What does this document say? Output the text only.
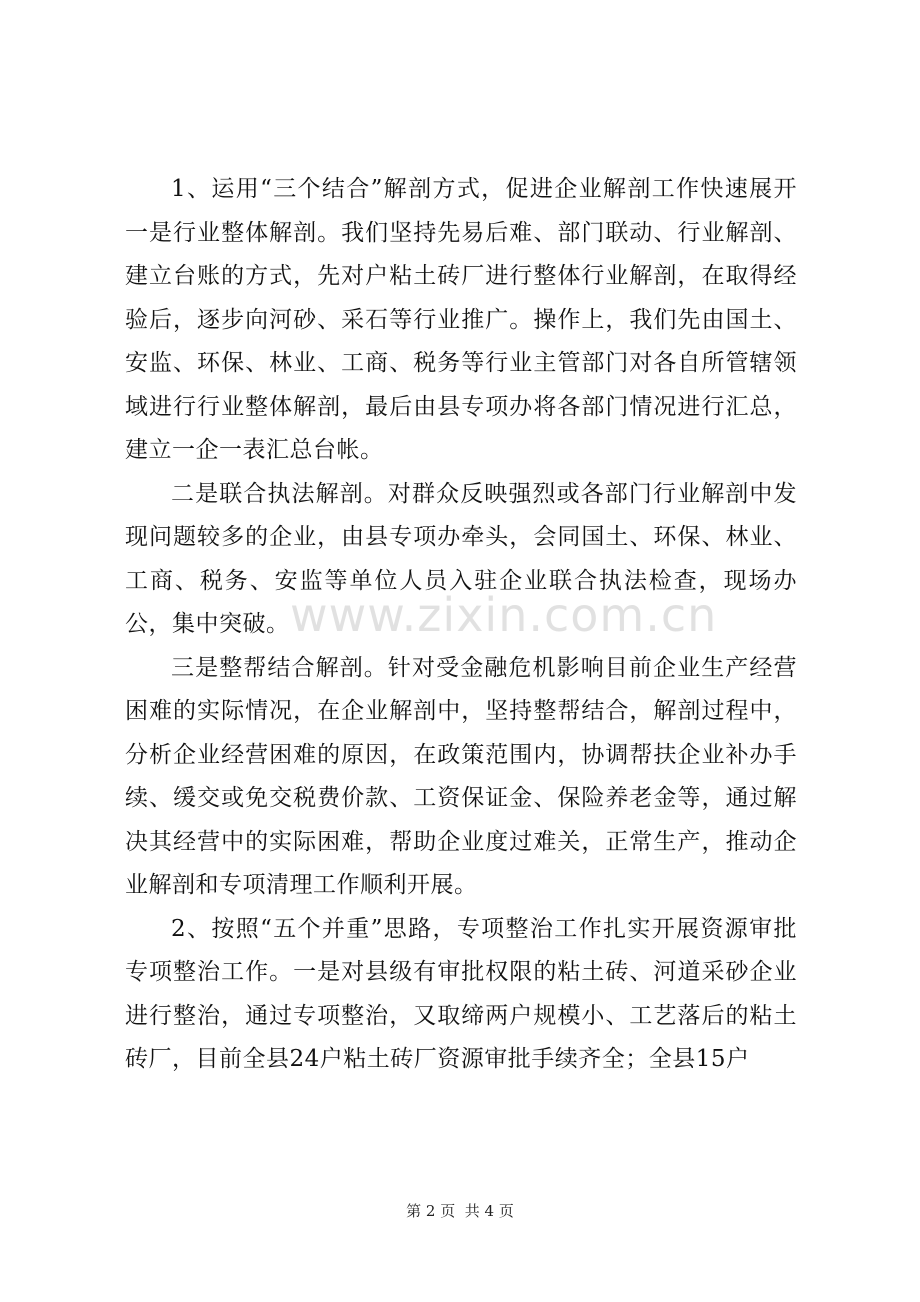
1、运用“三个结合”解剖方式，促进企业解剖工作快速展开一是行业整体解剖。我们坚持先易后难、部门联动、行业解剖、建立台账的方式，先对户粘土砖厂进行整体行业解剖，在取得经验后，逐步向河砂、采石等行业推广。操作上，我们先由国土、安监、环保、林业、工商、税务等行业主管部门对各自所管辖领域进行行业整体解剖，最后由县专项办将各部门情况进行汇总，建立一企一表汇总台帐。

二是联合执法解剖。对群众反映强烈或各部门行业解剖中发现问题较多的企业，由县专项办牵头，会同国土、环保、林业、工商、税务、安监等单位人员入驻企业联合执法检查，现场办公，集中突破。

三是整帮结合解剖。针对受金融危机影响目前企业生产经营困难的实际情况，在企业解剖中，坚持整帮结合，解剖过程中，分析企业经营困难的原因，在政策范围内，协调帮扶企业补办手续、缓交或免交税费价款、工资保证金、保险养老金等，通过解决其经营中的实际困难，帮助企业度过难关，正常生产，推动企业解剖和专项清理工作顺利开展。

2、按照“五个并重”思路，专项整治工作扎实开展资源审批专项整治工作。一是对县级有审批权限的粘土砖、河道采砂企业进行整治，通过专项整治，又取缔两户规模小、工艺落后的粘土砖厂，目前全县24户粘土砖厂资源审批手续齐全；全县15户

www.zixin.com.cn
第 2 页  共 4 页
